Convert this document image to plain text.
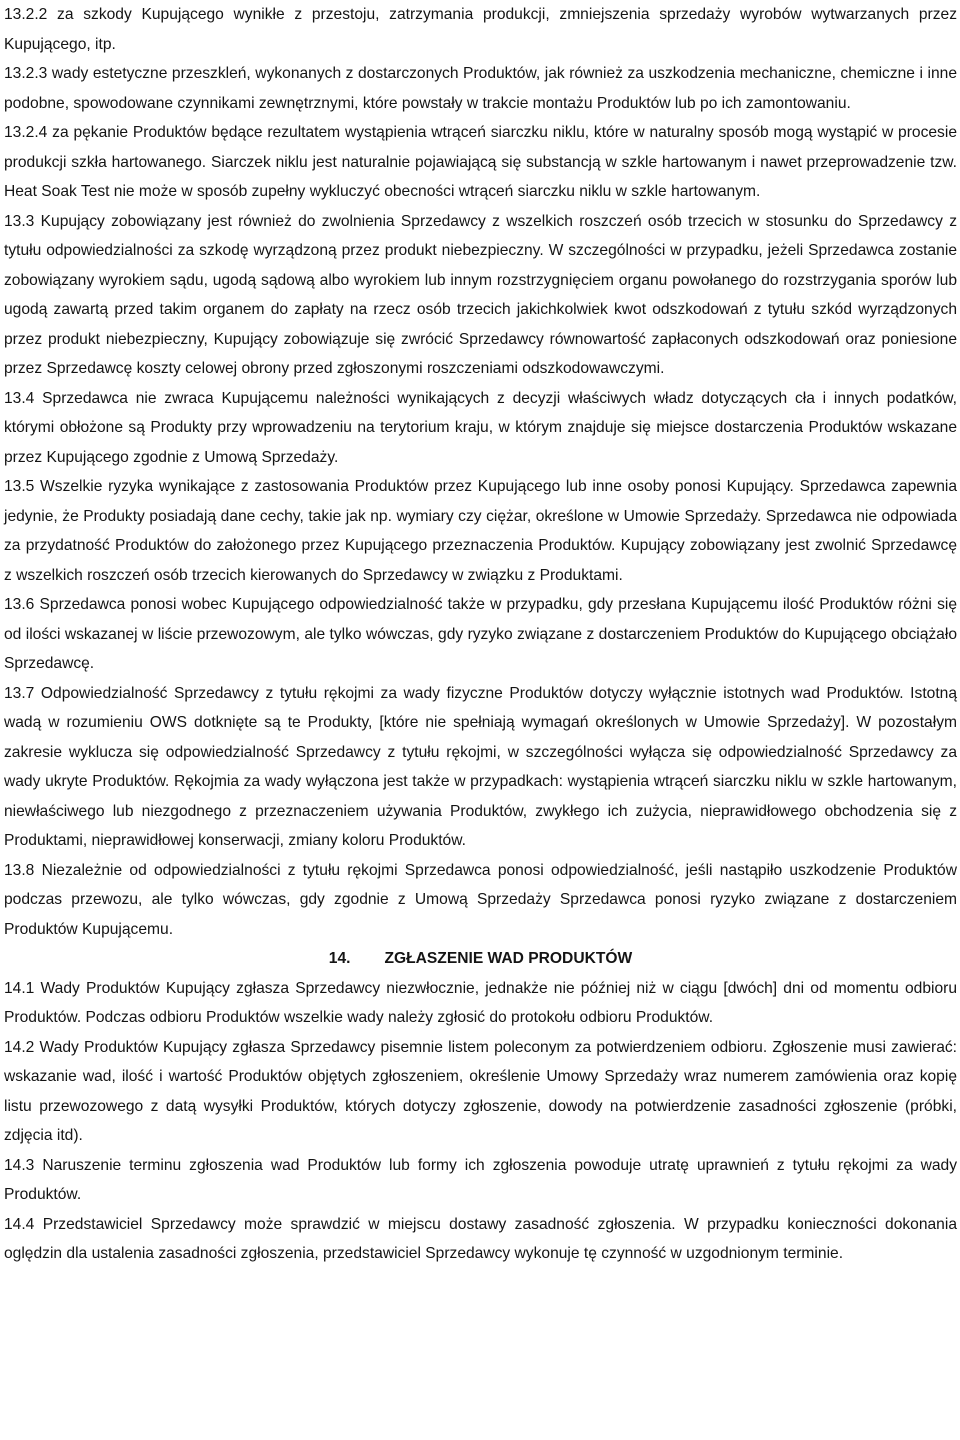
13.2.2 za szkody Kupującego wynikłe z przestoju, zatrzymania produkcji, zmniejszenia sprzedaży wyrobów wytwarzanych przez Kupującego, itp.

13.2.3 wady estetyczne przeszkleń, wykonanych z dostarczonych Produktów, jak również za uszkodzenia mechaniczne, chemiczne i inne podobne, spowodowane czynnikami zewnętrznymi, które powstały w trakcie montażu Produktów lub po ich zamontowaniu.

13.2.4 za pękanie Produktów będące rezultatem wystąpienia wtrąceń siarczku niklu, które w naturalny sposób mogą wystąpić w procesie produkcji szkła hartowanego. Siarczek niklu jest naturalnie pojawiającą się substancją w szkle hartowanym i nawet przeprowadzenie tzw. Heat Soak Test nie może w sposób zupełny wykluczyć obecności wtrąceń siarczku niklu w szkle hartowanym.

13.3 Kupujący zobowiązany jest również do zwolnienia Sprzedawcy z wszelkich roszczeń osób trzecich w stosunku do Sprzedawcy z tytułu odpowiedzialności za szkodę wyrządzoną przez produkt niebezpieczny. W szczególności w przypadku, jeżeli Sprzedawca zostanie zobowiązany wyrokiem sądu, ugodą sądową albo wyrokiem lub innym rozstrzygnięciem organu powołanego do rozstrzygania sporów lub ugodą zawartą przed takim organem do zapłaty na rzecz osób trzecich jakichkolwiek kwot odszkodowań z tytułu szkód wyrządzonych przez produkt niebezpieczny, Kupujący zobowiązuje się zwrócić Sprzedawcy równowartość zapłaconych odszkodowań oraz poniesione przez Sprzedawcę koszty celowej obrony przed zgłoszonymi roszczeniami odszkodowawczymi.

13.4 Sprzedawca nie zwraca Kupującemu należności wynikających z decyzji właściwych władz dotyczących cła i innych podatków, którymi obłożone są Produkty przy wprowadzeniu na terytorium kraju, w którym znajduje się miejsce dostarczenia Produktów wskazane przez Kupującego zgodnie z Umową Sprzedaży.

13.5 Wszelkie ryzyka wynikające z zastosowania Produktów przez Kupującego lub inne osoby ponosi Kupujący. Sprzedawca zapewnia jedynie, że Produkty posiadają dane cechy, takie jak np. wymiary czy ciężar, określone w Umowie Sprzedaży. Sprzedawca nie odpowiada za przydatność Produktów do założonego przez Kupującego przeznaczenia Produktów. Kupujący zobowiązany jest zwolnić Sprzedawcę z wszelkich roszczeń osób trzecich kierowanych do Sprzedawcy w związku z Produktami.

13.6 Sprzedawca ponosi wobec Kupującego odpowiedzialność także w przypadku, gdy przesłana Kupującemu ilość Produktów różni się od ilości wskazanej w liście przewozowym, ale tylko wówczas, gdy ryzyko związane z dostarczeniem Produktów do Kupującego obciążało Sprzedawcę.

13.7 Odpowiedzialność Sprzedawcy z tytułu rękojmi za wady fizyczne Produktów dotyczy wyłącznie istotnych wad Produktów. Istotną wadą w rozumieniu OWS dotknięte są te Produkty, [które nie spełniają wymagań określonych w Umowie Sprzedaży]. W pozostałym zakresie wyklucza się odpowiedzialność Sprzedawcy z tytułu rękojmi, w szczególności wyłącza się odpowiedzialność Sprzedawcy za wady ukryte Produktów. Rękojmia za wady wyłączona jest także w przypadkach: wystąpienia wtrąceń siarczku niklu w szkle hartowanym, niewłaściwego lub niezgodnego z przeznaczeniem używania Produktów, zwykłego ich zużycia, nieprawidłowego obchodzenia się z Produktami, nieprawidłowej konserwacji, zmiany koloru Produktów.

13.8 Niezależnie od odpowiedzialności z tytułu rękojmi Sprzedawca ponosi odpowiedzialność, jeśli nastąpiło uszkodzenie Produktów podczas przewozu, ale tylko wówczas, gdy zgodnie z Umową Sprzedaży Sprzedawca ponosi ryzyko związane z dostarczeniem Produktów Kupującemu.

14. ZGŁASZENIE WAD PRODUKTÓW

14.1 Wady Produktów Kupujący zgłasza Sprzedawcy niezwłocznie, jednakże nie później niż w ciągu [dwóch] dni od momentu odbioru Produktów. Podczas odbioru Produktów wszelkie wady należy zgłosić do protokołu odbioru Produktów.

14.2 Wady Produktów Kupujący zgłasza Sprzedawcy pisemnie listem poleconym za potwierdzeniem odbioru. Zgłoszenie musi zawierać: wskazanie wad, ilość i wartość Produktów objętych zgłoszeniem, określenie Umowy Sprzedaży wraz numerem zamówienia oraz kopię listu przewozowego z datą wysyłki Produktów, których dotyczy zgłoszenie, dowody na potwierdzenie zasadności zgłoszenie (próbki, zdjęcia itd).

14.3 Naruszenie terminu zgłoszenia wad Produktów lub formy ich zgłoszenia powoduje utratę uprawnień z tytułu rękojmi za wady Produktów.

14.4 Przedstawiciel Sprzedawcy może sprawdzić w miejscu dostawy zasadność zgłoszenia. W przypadku konieczności dokonania oględzin dla ustalenia zasadności zgłoszenia, przedstawiciel Sprzedawcy wykonuje tę czynność w uzgodnionym terminie.
